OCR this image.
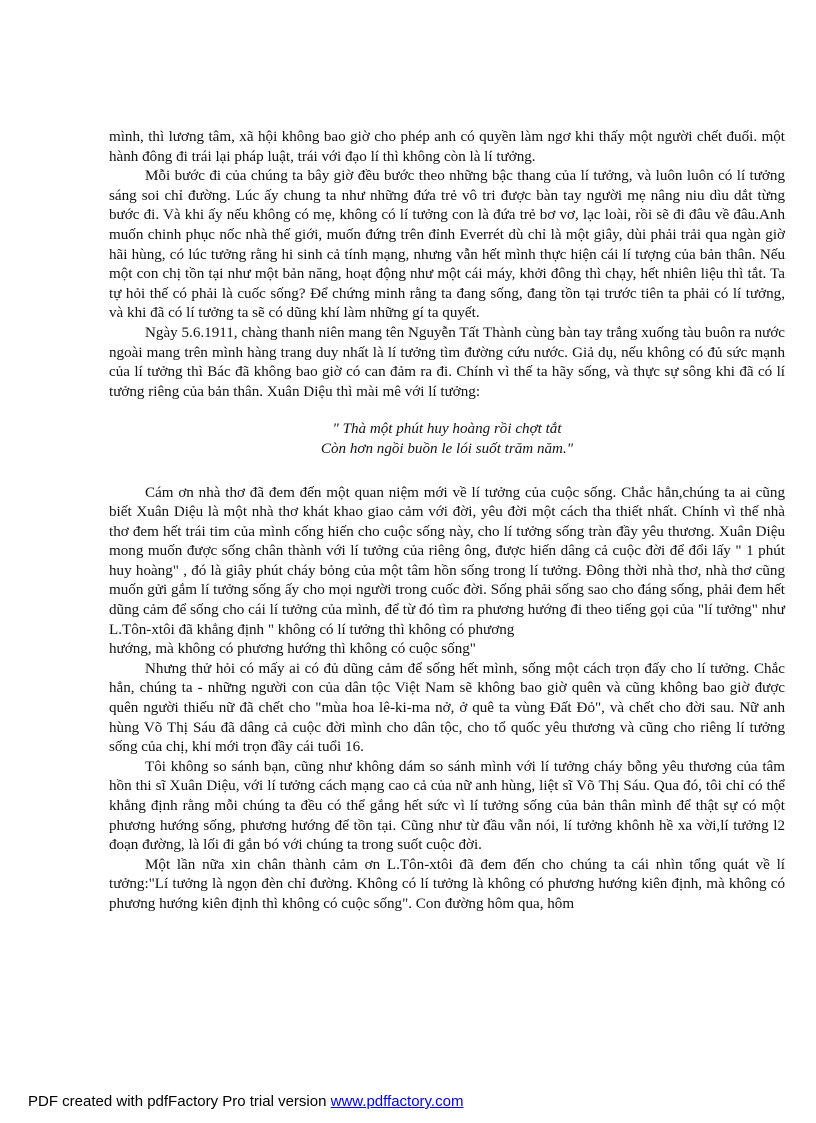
mình, thì lương tâm, xã hội không bao giờ cho phép anh có quyền làm ngơ khi thấy một người chết đuối. một hành đông đi trái lại pháp luật, trái với đạo lí thì không còn là lí tưởng.

Mỗi bước đi của chúng ta bây giờ đều bước theo những bậc thang của lí tưởng, và luôn luôn có lí tưởng sáng soi chỉ đường. Lúc ấy chung ta như những đứa trẻ vô tri được bàn tay người mẹ nâng niu dìu dắt từng bước đi. Và khi ấy nếu không có mẹ, không có lí tưởng con là đứa trẻ bơ vơ, lạc loài, rồi sẽ đi đâu về đâu.Anh muốn chinh phục nốc nhà thế giới, muốn đứng trên đỉnh Everrét dù chỉ là một giây, dùi phải trải qua ngàn giờ hãi hùng, có lúc tưởng rằng hi sinh cả tính mạng, nhưng vẫn hết mình thực hiện cái lí tượng của bản thân. Nếu một con chị tồn tại như một bản năng, hoạt động như một cái máy, khởi đông thì chạy, hết nhiên liệu thì tắt. Ta tự hỏi thế có phải là cuốc sống? Để chứng minh rằng ta đang sống, đang tồn tại trước tiên ta phải có lí tưởng, và khi đã có lí tưởng ta sẽ có dũng khí làm những gí ta quyết.

Ngày 5.6.1911, chàng thanh niên mang tên Nguyễn Tất Thành cùng bàn tay trắng xuống tàu buôn ra nước ngoài mang trên mình hàng trang duy nhất là lí tưởng tìm đường cứu nước. Giả dụ, nếu không có đủ sức mạnh của lí tưởng thì Bác đã không bao giờ có can đảm ra đi. Chính vì thế ta hãy sống, và thực sự sông khi đã có lí tưởng riêng của bản thân. Xuân Diệu thì mài mê với lí tưởng:

" Thà một phút huy hoàng rồi chợt tắt
Còn hơn ngồi buồn le lói suốt trăm năm."

Cám ơn nhà thơ đã đem đến một quan niệm mới về lí tưởng của cuộc sống. Chắc hẳn,chúng ta ai cũng biết Xuân Diệu là một nhà thơ khát khao giao cảm với đời, yêu đời một cách tha thiết nhất. Chính vì thế nhà thơ đem hết trái tim của mình cống hiến cho cuộc sống này, cho lí tưởng sống tràn đầy yêu thương. Xuân Diệu mong muốn được sống chân thành với lí tưởng của riêng ông, được hiến dâng cả cuộc đời để đổi lấy " 1 phút huy hoàng" , đó là giây phút cháy bỏng của một tâm hồn sống trong lí tưởng. Đông thời nhà thơ, nhà thơ cũng muốn gửi gắm lí tưởng sống ấy cho mọi người trong cuốc đời. Sống phải sống sao cho đáng sống, phải đem hết dũng cảm để sống cho cái lí tưởng của mình, để từ đó tìm ra phương hướng đi theo tiếng gọi của "lí tưởng" như L.Tôn-xtôi đã khẳng định " không có lí tưởng thì không có phương

hướng, mà không có phương hướng thì không có cuộc sống"

Nhưng thử hỏi có mấy ai có đủ dũng cảm để sống hết mình, sống một cách trọn đấy cho lí tưởng. Chắc hẳn, chúng ta - những người con của dân tộc Việt Nam sẽ không bao giờ quên và cũng không bao giờ được quên người thiếu nữ đã chết cho "mùa hoa lê-ki-ma nở, ở quê ta vùng Đất Đỏ", và chết cho đời sau. Nữ anh hùng Võ Thị Sáu đã dâng cả cuộc đời mình cho dân tộc, cho tổ quốc yêu thương và cũng cho riêng lí tưởng sống của chị, khi mới trọn đầy cái tuổi 16.

Tôi không so sánh bạn, cũng như không dám so sánh mình với lí tưởng cháy bỗng yêu thương của tâm hồn thi sĩ Xuân Diệu, với lí tưởng cách mạng cao cả của nữ anh hùng, liệt sĩ Võ Thị Sáu. Qua đó, tôi chỉ có thể khẳng định rằng mỗi chúng ta đều có thể gắng hết sức vì lí tưởng sống của bản thân mình để thật sự có một phương hướng sống, phương hướng để tồn tại. Cũng như từ đầu vẫn nói, lí tưởng khônh hề xa vời,lí tưởng l2 đoạn đường, là lối đi gắn bó với chúng ta trong suốt cuộc đời.

Một lần nữa xin chân thành cảm ơn L.Tôn-xtôi đã đem đến cho chúng ta cái nhìn tổng quát về lí tưởng:"Lí tưởng là ngọn đèn chỉ đường. Không có lí tưởng là không có phương hướng kiên định, mà không có phương hướng kiên định thì không có cuộc sống". Con đường hôm qua, hôm

PDF created with pdfFactory Pro trial version www.pdffactory.com
